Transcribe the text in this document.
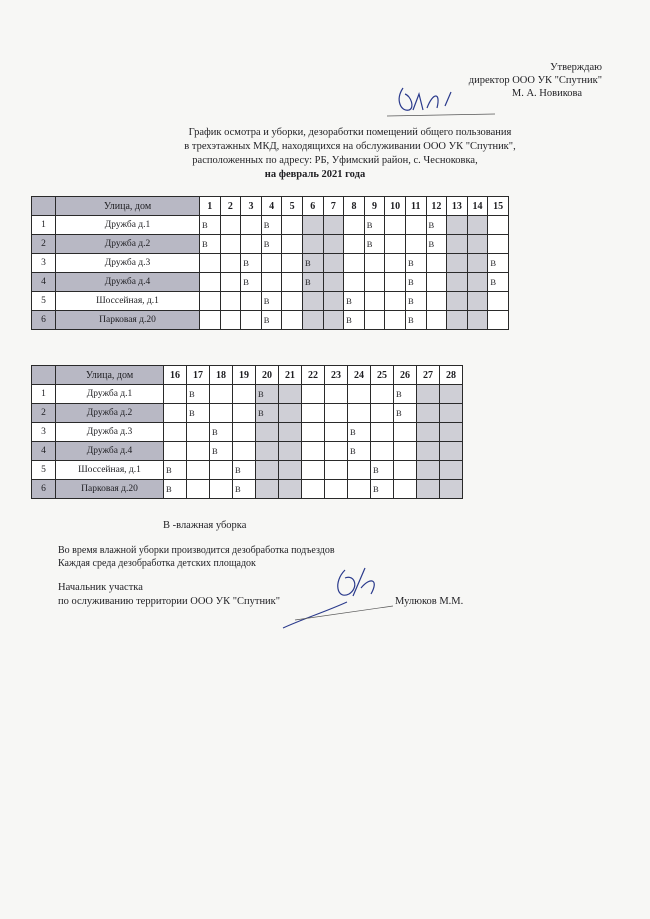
Утверждаю
директор ООО УК "Спутник"
М. А. Новикова
График осмотра и уборки, дезоработки помещений общего пользования
в трехэтажных МКД, находящихся на обслуживании ООО УК "Спутник",
расположенных по адресу: РБ, Уфимский район, с. Чесноковка,
на февраль 2021 года
	Улица, дом	1	2	3	4	5	6	7	8	9	10	11	12	13	14	15
1	Дружба д.1	В			В					В			В			
2	Дружба д.2	В			В					В			В			
3	Дружба д.3			В			В					В				В
4	Дружба д.4			В			В					В				В
5	Шоссейная, д.1				В				В			В				
6	Парковая д.20				В				В			В				
	Улица, дом	16	17	18	19	20	21	22	23	24	25	26	27	28
1	Дружба д.1		В			В						В		
2	Дружба д.2		В			В						В		
3	Дружба д.3			В						В				
4	Дружба д.4			В						В				
5	Шоссейная, д.1	В			В						В			
6	Парковая д.20	В			В						В			
В -влажная уборка
Во время влажной уборки производится дезобработка подъездов
Каждая среда дезобработка детских площадок
Начальник участка
по ослуживанию территории ООО УК "Спутник"	Мулюков М.М.
